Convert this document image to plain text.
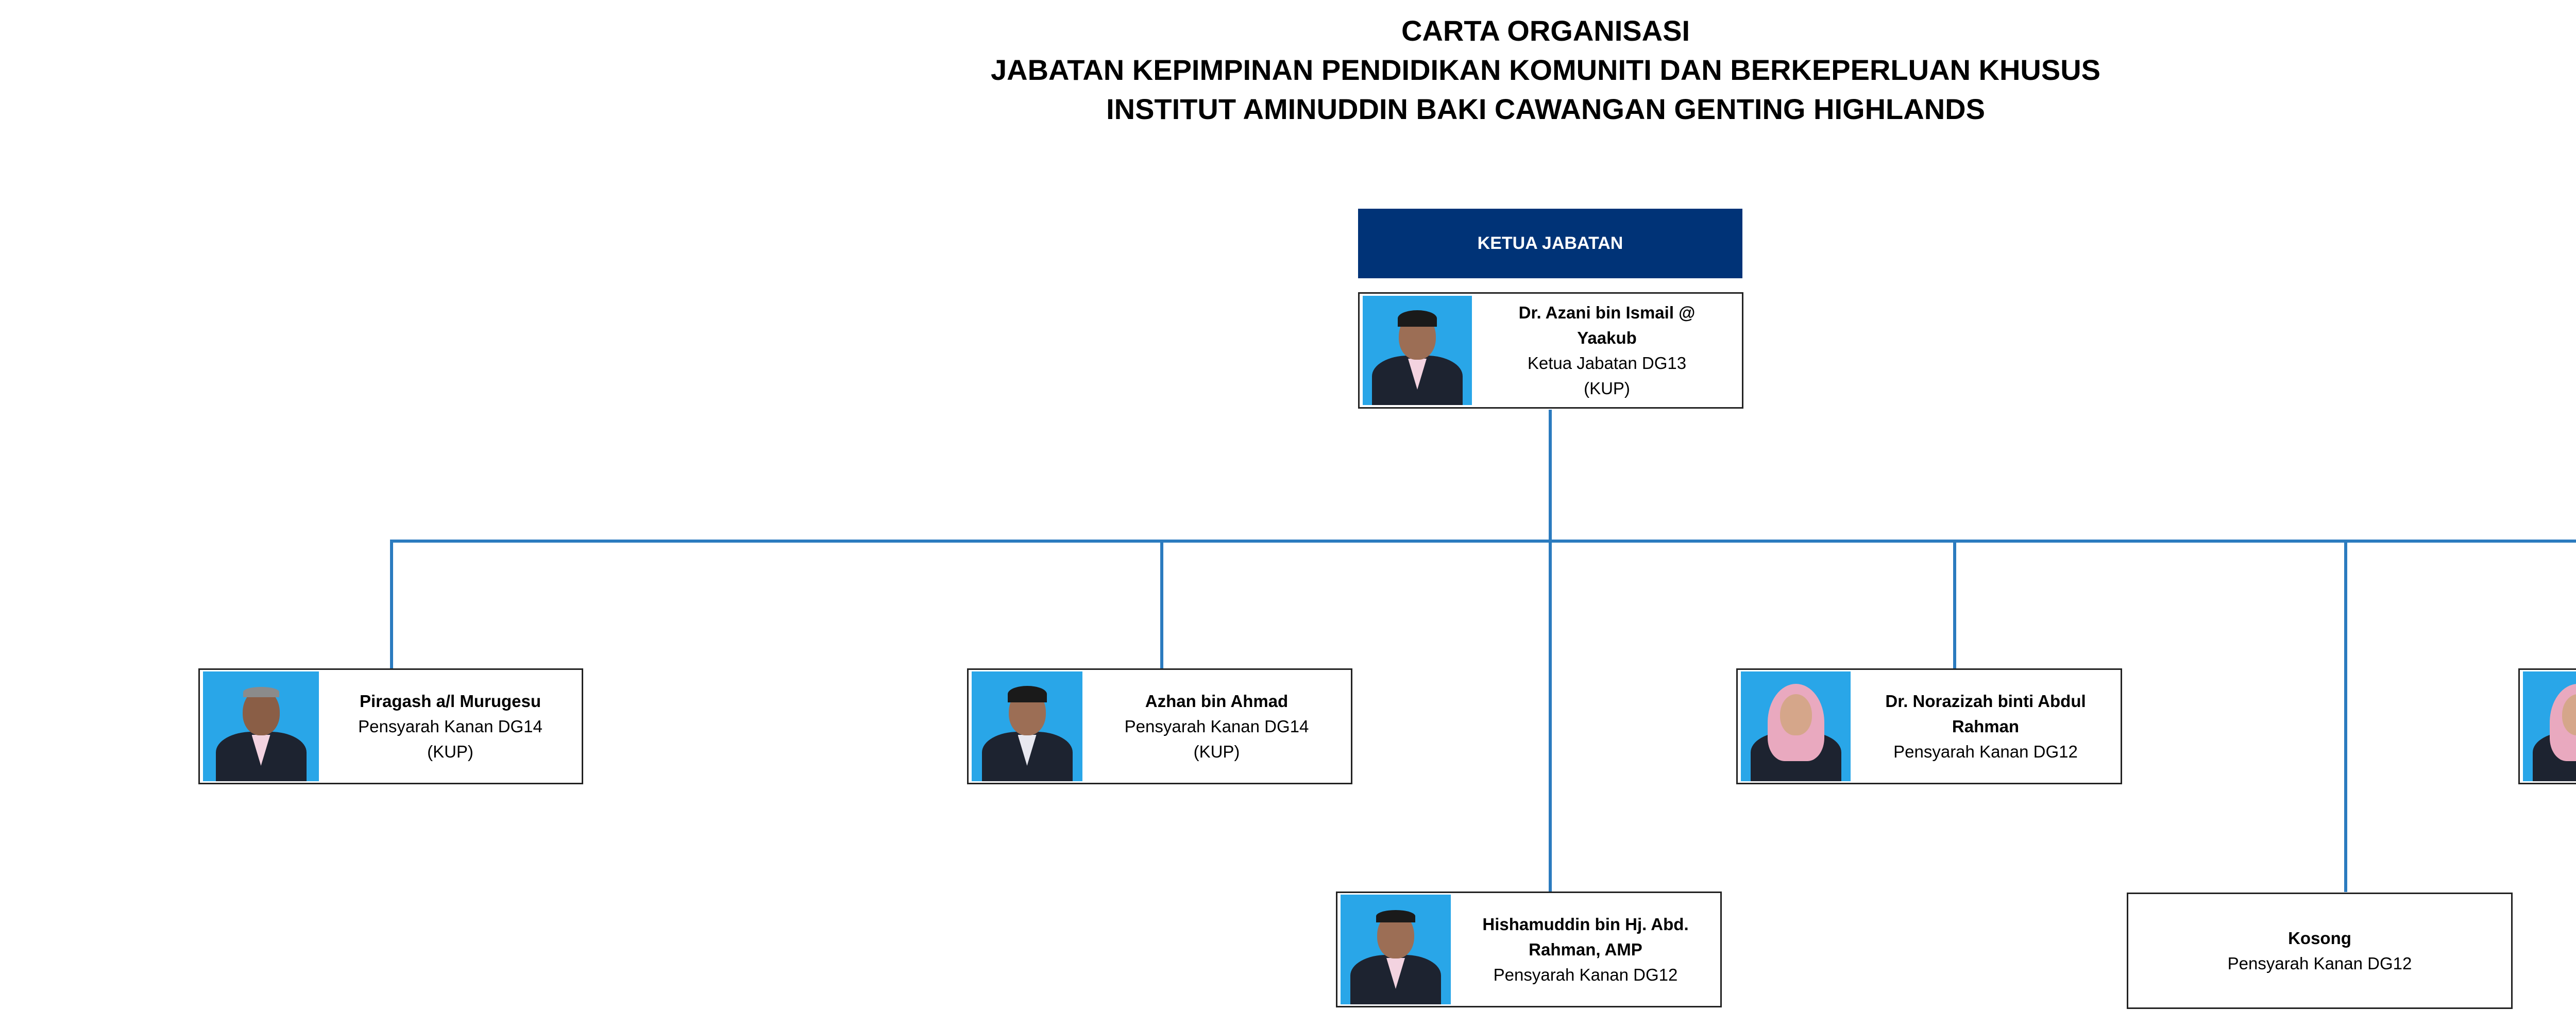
CARTA ORGANISASI
JABATAN KEPIMPINAN PENDIDIKAN KOMUNITI DAN BERKEPERLUAN KHUSUS
INSTITUT AMINUDDIN BAKI CAWANGAN GENTING HIGHLANDS
KETUA JABATAN
Dr. Azani bin Ismail @
Yaakub
Ketua Jabatan DG13
(KUP)
Piragash a/l Murugesu
Pensyarah Kanan DG14
(KUP)
Azhan bin Ahmad
Pensyarah Kanan DG14
(KUP)
Dr. Norazizah binti Abdul
Rahman
Pensyarah Kanan DG12
Hishamuddin bin Hj. Abd.
Rahman, AMP
Pensyarah Kanan DG12
Kosong
Pensyarah Kanan DG12
